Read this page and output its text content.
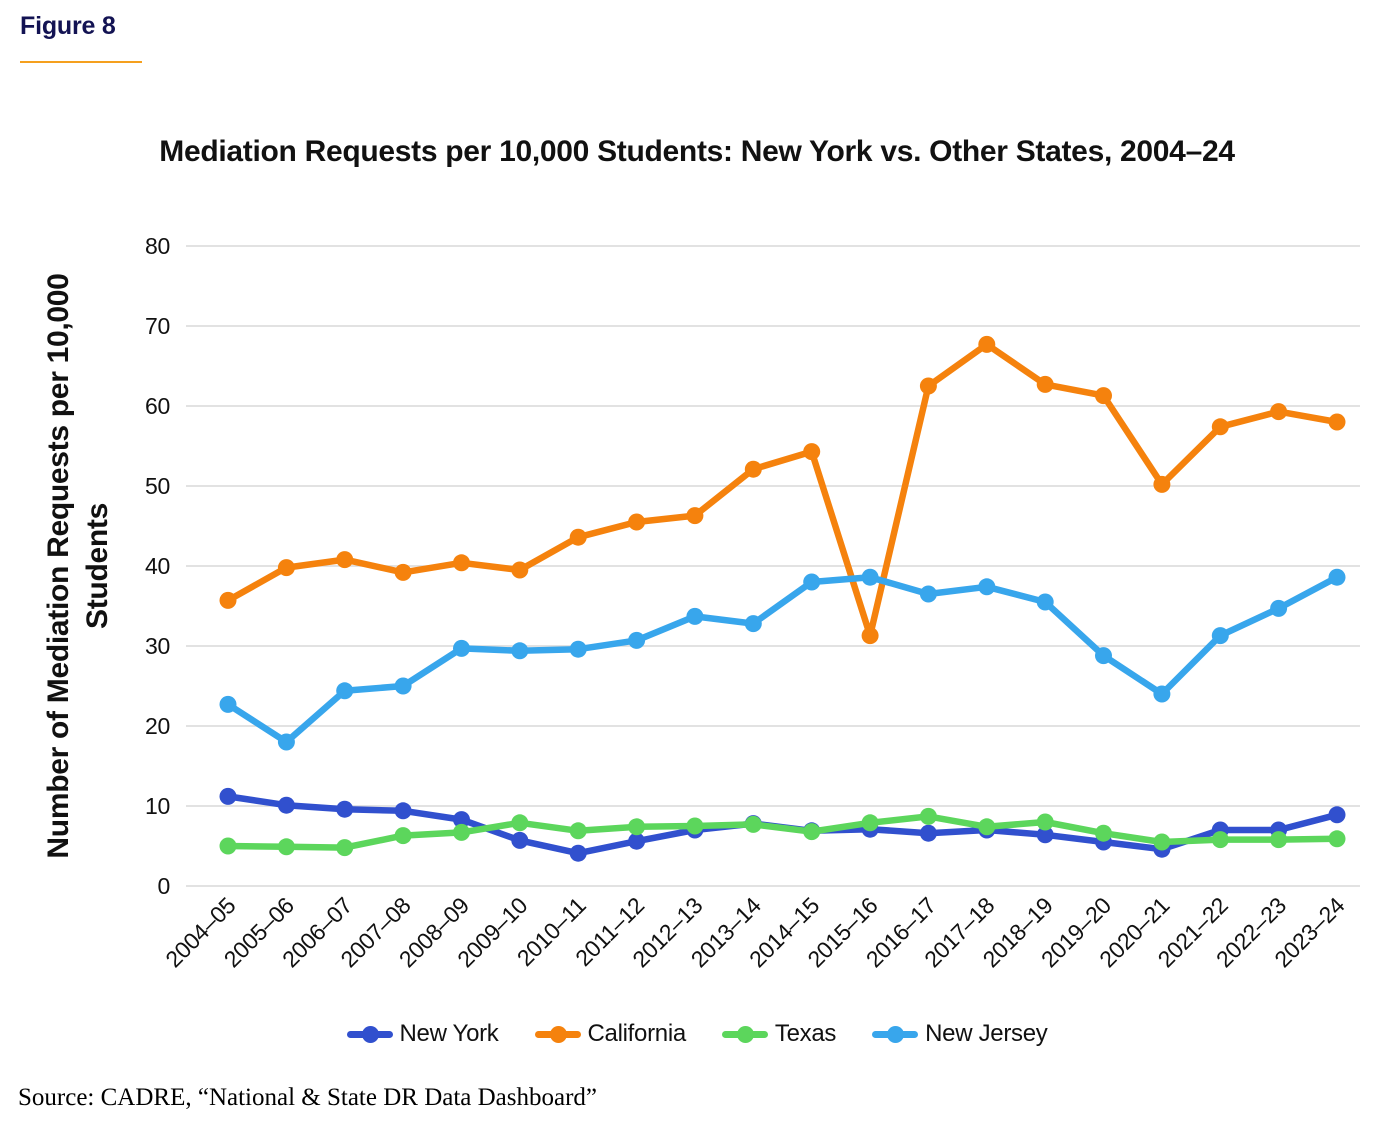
Figure 8
Mediation Requests per 10,000 Students: New York vs. Other States, 2004–24
Number of Mediation Requests per 10,000 Students
0
10
20
30
40
50
60
70
80
2004–05
2005–06
2006–07
2007–08
2008–09
2009–10
2010–11
2011–12
2012–13
2013–14
2014–15
2015–16
2016–17
2017–18
2018–19
2019–20
2020–21
2021–22
2022–23
2023–24
New York	California	Texas	New Jersey
Source: CADRE, “National & State DR Data Dashboard”
